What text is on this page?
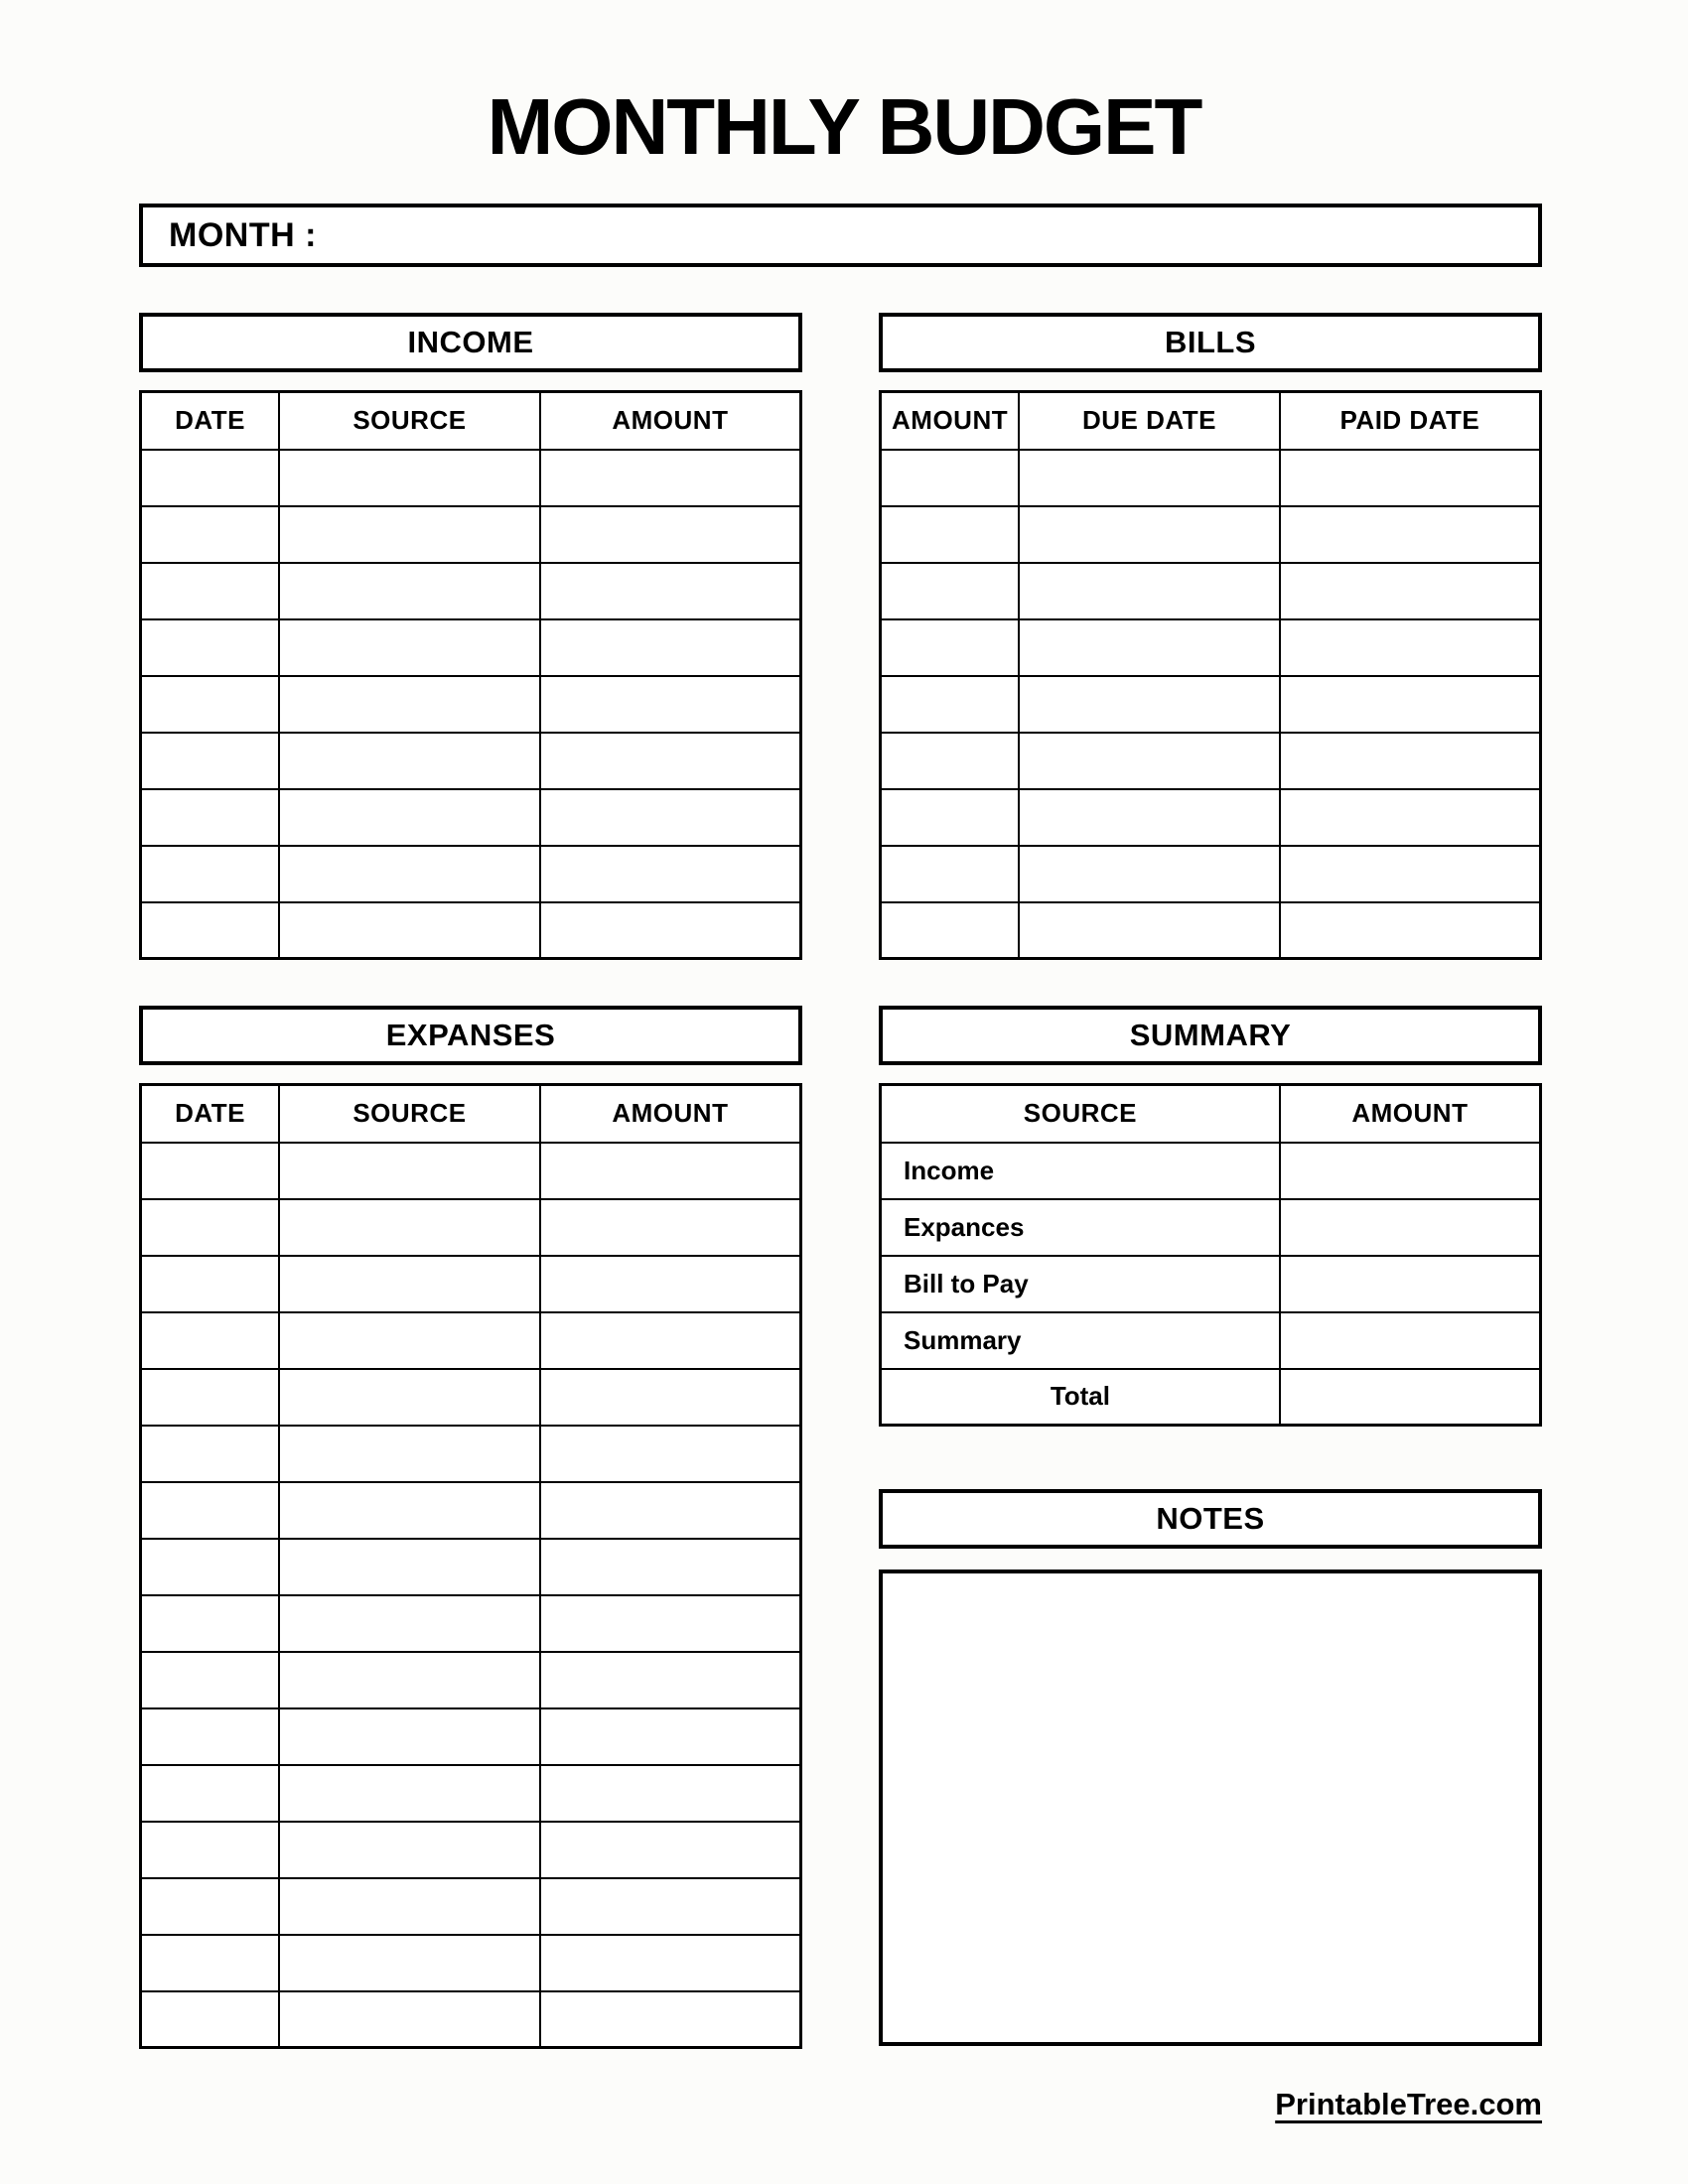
MONTHLY BUDGET
MONTH :
INCOME
DATE	SOURCE	AMOUNT

EXPANSES
DATE	SOURCE	AMOUNT

BILLS
AMOUNT	DUE DATE	PAID DATE

SUMMARY
SOURCE	AMOUNT
Income	
Expances	
Bill to Pay	
Summary	
Total	
NOTES
PrintableTree.com
